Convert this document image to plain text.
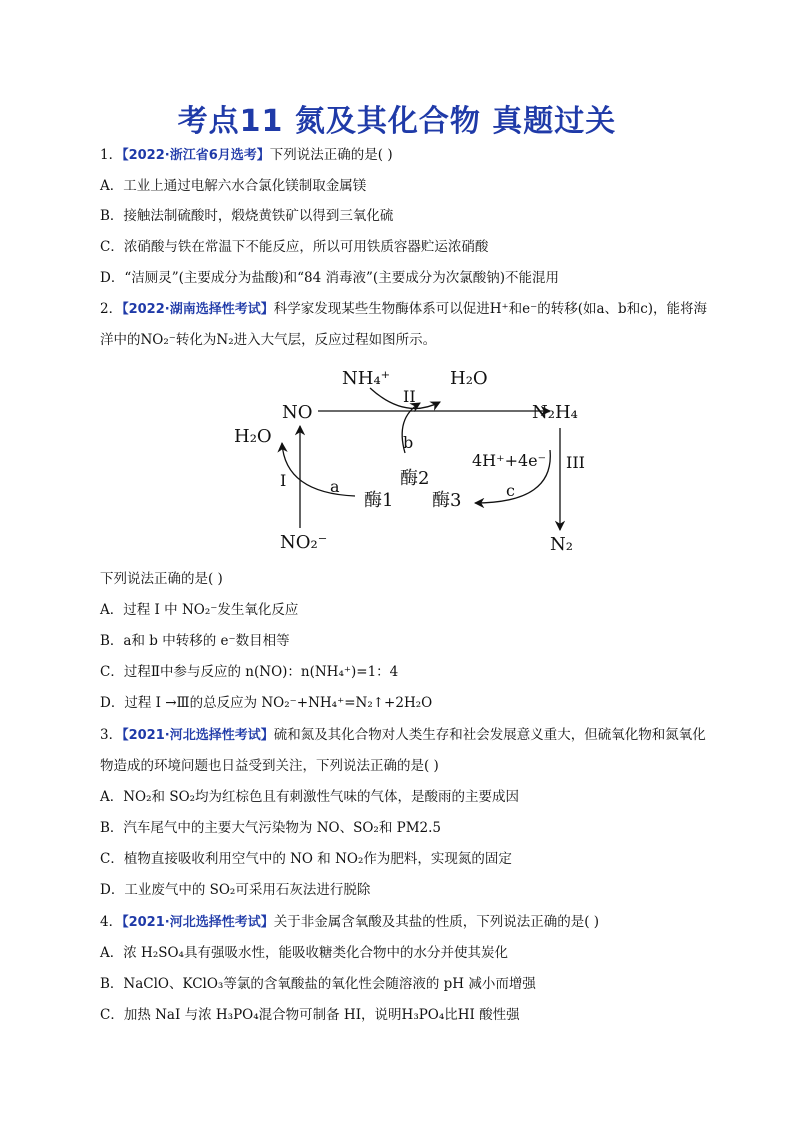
考点11 氮及其化合物 真题过关
1．【2022·浙江省6月选考】下列说法正确的是( )
A．工业上通过电解六水合氯化镁制取金属镁
B．接触法制硫酸时，煅烧黄铁矿以得到三氧化硫
C．浓硝酸与铁在常温下不能反应，所以可用铁质容器贮运浓硝酸
D．“洁厕灵”(主要成分为盐酸)和“84 消毒液”(主要成分为次氯酸钠)不能混用
2．【2022·湖南选择性考试】科学家发现某些生物酶体系可以促进H⁺和e⁻的转移(如a、b和c)，能将海
洋中的NO₂⁻转化为N₂进入大气层，反应过程如图所示。
NH₄⁺	H₂O
NO
II
N₂H₄
H₂O	b
酶2
4H⁺+4e⁻ III
I	a
酶1 酶3	c
NO₂⁻	N₂
下列说法正确的是( )
A．过程 Ⅰ 中 NO₂⁻发生氧化反应
B．a和 b 中转移的 e⁻数目相等
C．过程Ⅱ中参与反应的 n(NO)：n(NH₄⁺)=1：4
D．过程 Ⅰ →Ⅲ的总反应为 NO₂⁻+NH₄⁺=N₂↑+2H₂O
3．【2021·河北选择性考试】硫和氮及其化合物对人类生存和社会发展意义重大，但硫氧化物和氮氧化
物造成的环境问题也日益受到关注，下列说法正确的是( )
A．NO₂和 SO₂均为红棕色且有刺激性气味的气体，是酸雨的主要成因
B．汽车尾气中的主要大气污染物为 NO、SO₂和 PM2.5
C．植物直接吸收利用空气中的 NO 和 NO₂作为肥料，实现氮的固定
D．工业废气中的 SO₂可采用石灰法进行脱除
4．【2021·河北选择性考试】关于非金属含氧酸及其盐的性质，下列说法正确的是( )
A．浓 H₂SO₄具有强吸水性，能吸收糖类化合物中的水分并使其炭化
B．NaClO、KClO₃等氯的含氧酸盐的氧化性会随溶液的 pH 减小而增强
C．加热 NaI 与浓 H₃PO₄混合物可制备 HI，说明H₃PO₄比HI 酸性强
